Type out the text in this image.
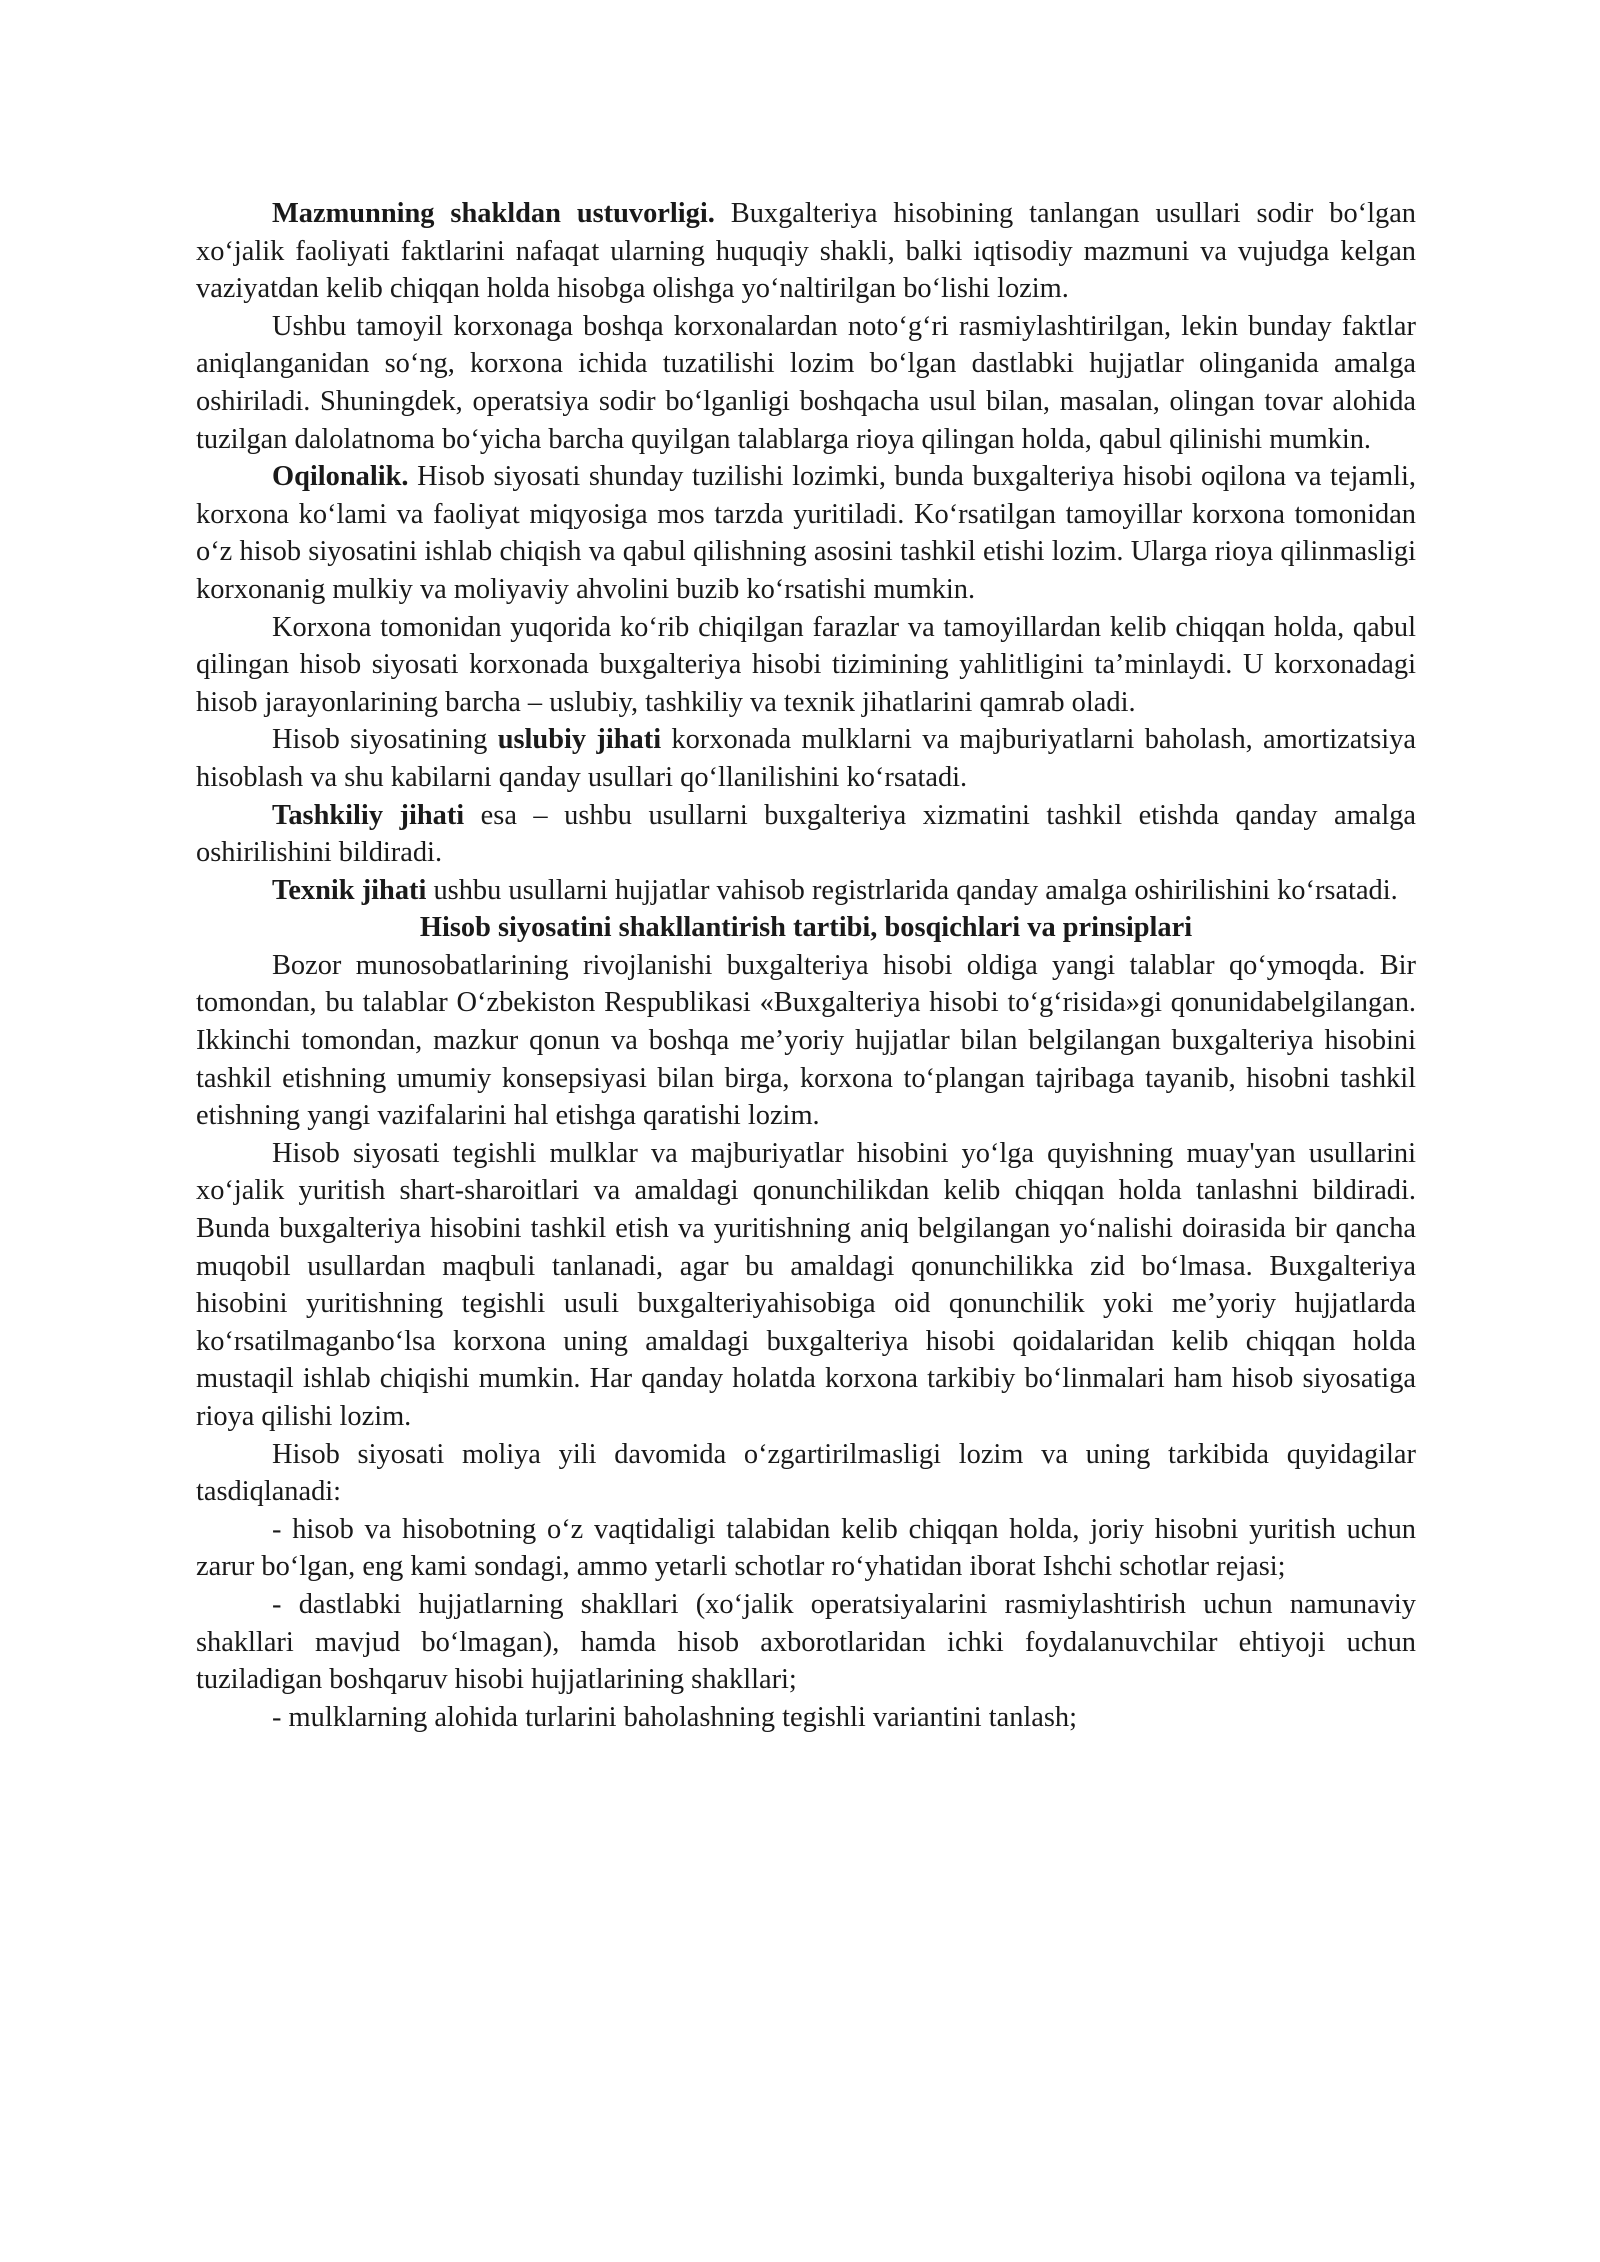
Mazmunning shakldan ustuvorligi. Buxgalteriya hisobining tanlangan usullari sodir bo‘lgan xo‘jalik faoliyati faktlarini nafaqat ularning huquqiy shakli, balki iqtisodiy mazmuni va vujudga kelgan vaziyatdan kelib chiqqan holda hisobga olishga yo‘naltirilgan bo‘lishi lozim.

Ushbu tamoyil korxonaga boshqa korxonalardan noto‘g‘ri rasmiylashtirilgan, lekin bunday faktlar aniqlanganidan so‘ng, korxona ichida tuzatilishi lozim bo‘lgan dastlabki hujjatlar olinganida amalga oshiriladi. Shuningdek, operatsiya sodir bo‘lganligi boshqacha usul bilan, masalan, olingan tovar alohida tuzilgan dalolatnoma bo‘yicha barcha quyilgan talablarga rioya qilingan holda, qabul qilinishi mumkin.

Oqilonalik. Hisob siyosati shunday tuzilishi lozimki, bunda buxgalteriya hisobi oqilona va tejamli, korxona ko‘lami va faoliyat miqyosiga mos tarzda yuritiladi. Ko‘rsatilgan tamoyillar korxona tomonidan o‘z hisob siyosatini ishlab chiqish va qabul qilishning asosini tashkil etishi lozim. Ularga rioya qilinmasligi korxonanig mulkiy va moliyaviy ahvolini buzib ko‘rsatishi mumkin.

Korxona tomonidan yuqorida ko‘rib chiqilgan farazlar va tamoyillardan kelib chiqqan holda, qabul qilingan hisob siyosati korxonada buxgalteriya hisobi tizimining yahlitligini ta’minlaydi. U korxonadagi hisob jarayonlarining barcha – uslubiy, tashkiliy va texnik jihatlarini qamrab oladi.

Hisob siyosatining uslubiy jihati korxonada mulklarni va majburiyatlarni baholash, amortizatsiya hisoblash va shu kabilarni qanday usullari qo‘llanilishini ko‘rsatadi.

Tashkiliy jihati esa – ushbu usullarni buxgalteriya xizmatini tashkil etishda qanday amalga oshirilishini bildiradi.

Texnik jihati ushbu usullarni hujjatlar vahisob registrlarida qanday amalga oshirilishini ko‘rsatadi.

Hisob siyosatini shakllantirish tartibi, bosqichlari va prinsiplari

Bozor munosobatlarining rivojlanishi buxgalteriya hisobi oldiga yangi talablar qo‘ymoqda. Bir tomondan, bu talablar O‘zbekiston Respublikasi «Buxgalteriya hisobi to‘g‘risida»gi qonunidabelgilangan. Ikkinchi tomondan, mazkur qonun va boshqa me’yoriy hujjatlar bilan belgilangan buxgalteriya hisobini tashkil etishning umumiy konsepsiyasi bilan birga, korxona to‘plangan tajribaga tayanib, hisobni tashkil etishning yangi vazifalarini hal etishga qaratishi lozim.

Hisob siyosati tegishli mulklar va majburiyatlar hisobini yo‘lga quyishning muay'yan usullarini xo‘jalik yuritish shart-sharoitlari va amaldagi qonunchilikdan kelib chiqqan holda tanlashni bildiradi. Bunda buxgalteriya hisobini tashkil etish va yuritishning aniq belgilangan yo‘nalishi doirasida bir qancha muqobil usullardan maqbuli tanlanadi, agar bu amaldagi qonunchilikka zid bo‘lmasa. Buxgalteriya hisobini yuritishning tegishli usuli buxgalteriyahisobiga oid qonunchilik yoki me’yoriy hujjatlarda ko‘rsatilmaganbo‘lsa korxona uning amaldagi buxgalteriya hisobi qoidalaridan kelib chiqqan holda mustaqil ishlab chiqishi mumkin. Har qanday holatda korxona tarkibiy bo‘linmalari ham hisob siyosatiga rioya qilishi lozim.

Hisob siyosati moliya yili davomida o‘zgartirilmasligi lozim va uning tarkibida quyidagilar tasdiqlanadi:

- hisob va hisobotning o‘z vaqtidaligi talabidan kelib chiqqan holda, joriy hisobni yuritish uchun zarur bo‘lgan, eng kami sondagi, ammo yetarli schotlar ro‘yhatidan iborat Ishchi schotlar rejasi;

- dastlabki hujjatlarning shakllari (xo‘jalik operatsiyalarini rasmiylashtirish uchun namunaviy shakllari mavjud bo‘lmagan), hamda hisob axborotlaridan ichki foydalanuvchilar ehtiyoji uchun tuziladigan boshqaruv hisobi hujjatlarining shakllari;

- mulklarning alohida turlarini baholashning tegishli variantini tanlash;
